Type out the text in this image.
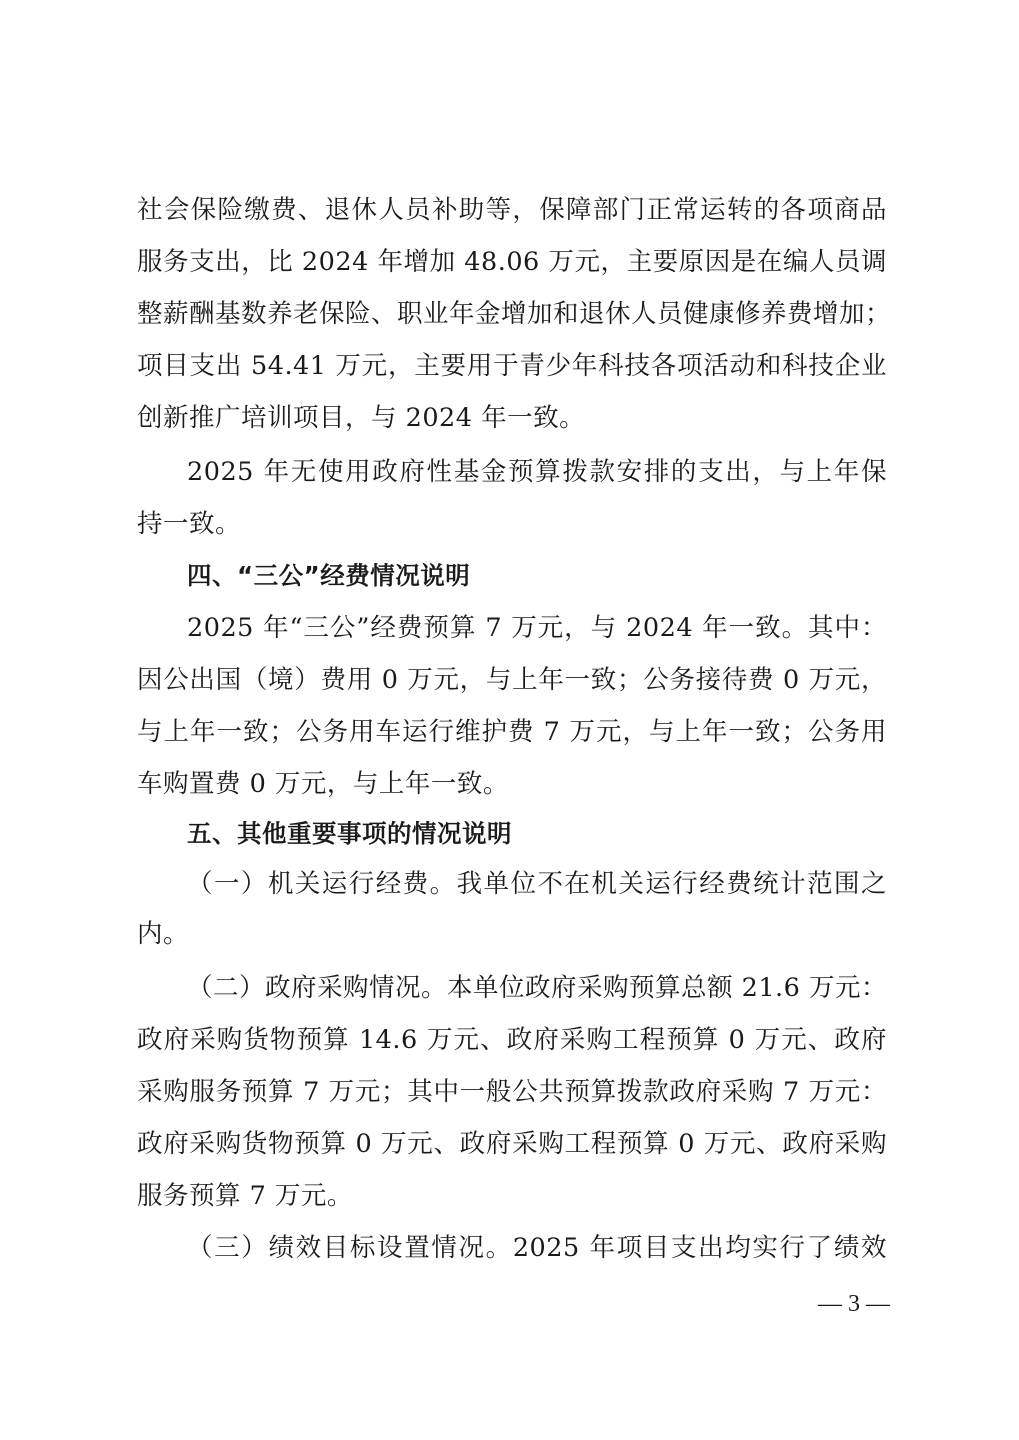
社会保险缴费、退休人员补助等，保障部门正常运转的各项商品
服务支出，比 2024 年增加 48.06 万元，主要原因是在编人员调
整薪酬基数养老保险、职业年金增加和退休人员健康修养费增加；
项目支出 54.41 万元，主要用于青少年科技各项活动和科技企业
创新推广培训项目，与 2024 年一致。
2025 年无使用政府性基金预算拨款安排的支出，与上年保
持一致。
四、“三公”经费情况说明
2025 年“三公”经费预算 7 万元，与 2024 年一致。其中：
因公出国（境）费用 0 万元，与上年一致；公务接待费 0 万元，
与上年一致；公务用车运行维护费 7 万元，与上年一致；公务用
车购置费 0 万元，与上年一致。
五、其他重要事项的情况说明
（一）机关运行经费。我单位不在机关运行经费统计范围之
内。
（二）政府采购情况。本单位政府采购预算总额 21.6 万元：
政府采购货物预算 14.6 万元、政府采购工程预算 0 万元、政府
采购服务预算 7 万元；其中一般公共预算拨款政府采购 7 万元：
政府采购货物预算 0 万元、政府采购工程预算 0 万元、政府采购
服务预算 7 万元。
（三）绩效目标设置情况。2025 年项目支出均实行了绩效
— 3 —
